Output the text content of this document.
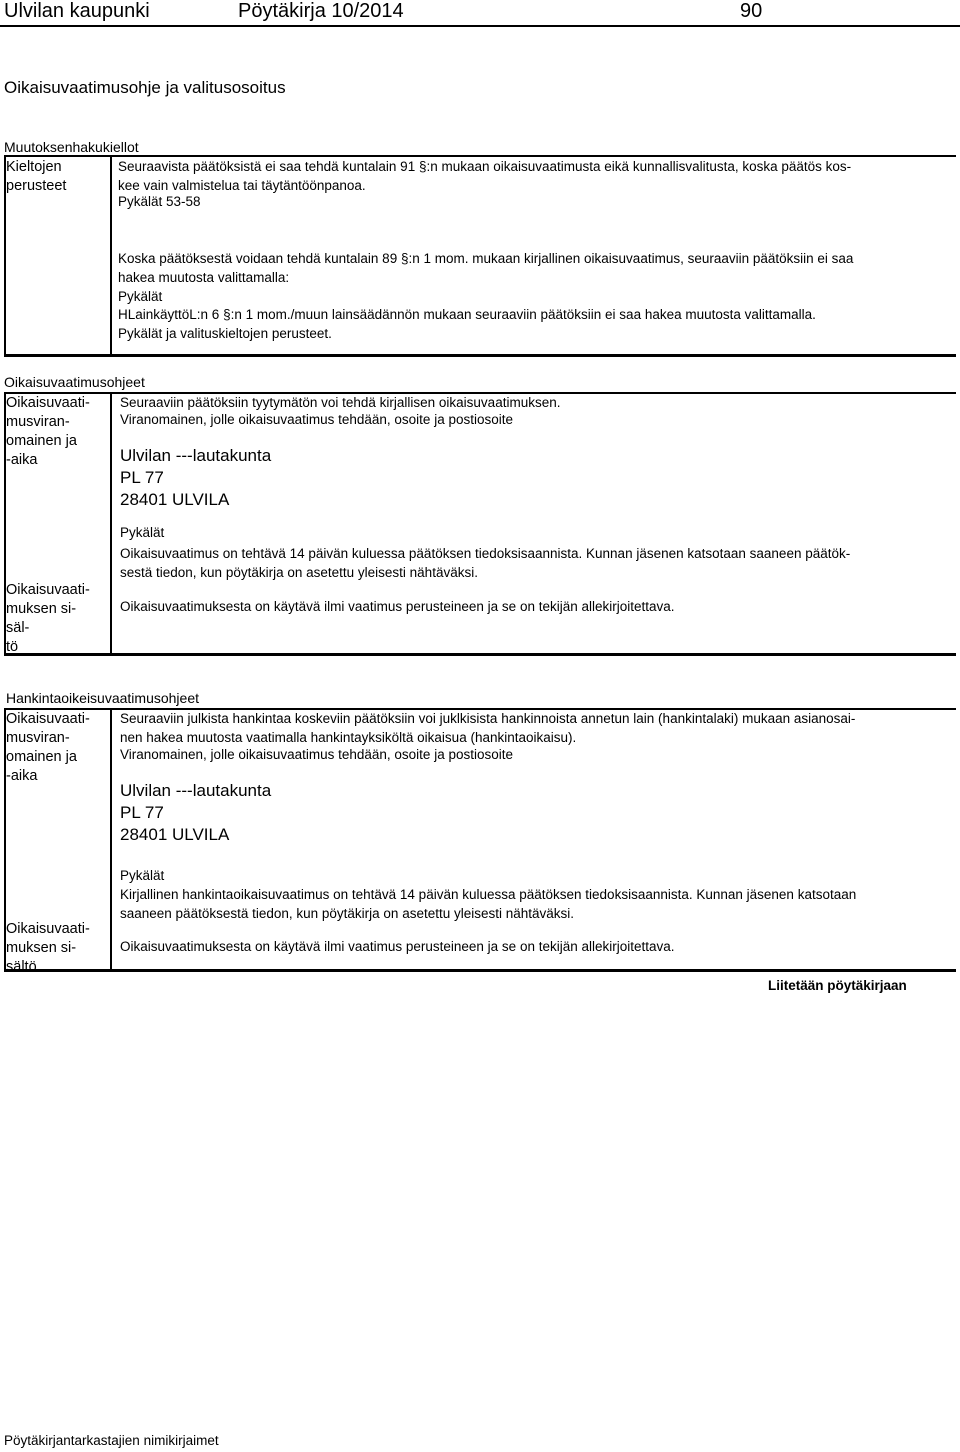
Ulvilan kaupunki	Pöytäkirja 10/2014	90
Oikaisuvaatimusohje ja valitusosoitus
Muutoksenhakukiellot
Kieltojen
perusteet
Seuraavista päätöksistä ei saa tehdä kuntalain 91 §:n mukaan oikaisuvaatimusta eikä kunnallisvalitusta, koska päätös kos-
kee vain valmistelua tai täytäntöönpanoa.
Pykälät 53-58
Koska päätöksestä voidaan tehdä kuntalain 89 §:n 1 mom. mukaan kirjallinen oikaisuvaatimus, seuraaviin päätöksiin ei saa
hakea muutosta valittamalla:
Pykälät
HLainkäyttöL:n 6 §:n 1 mom./muun lainsäädännön mukaan seuraaviin päätöksiin ei saa hakea muutosta valittamalla.
Pykälät ja valituskieltojen perusteet.
Oikaisuvaatimusohjeet
Oikaisuvaati-
musviran-
omainen ja
-aika
Seuraaviin päätöksiin tyytymätön voi tehdä kirjallisen oikaisuvaatimuksen.
Viranomainen, jolle oikaisuvaatimus tehdään, osoite ja postiosoite
Ulvilan ---lautakunta
PL 77
28401 ULVILA
Pykälät
Oikaisuvaatimus on tehtävä 14 päivän kuluessa päätöksen tiedoksisaannista. Kunnan jäsenen katsotaan saaneen päätök-
sestä tiedon, kun pöytäkirja on asetettu yleisesti nähtäväksi.
Oikaisuvaati-
muksen si-
säl-
tö
Oikaisuvaatimuksesta on käytävä ilmi vaatimus perusteineen ja se on tekijän allekirjoitettava.
Hankintaoikeisuvaatimusohjeet
Oikaisuvaati-
musviran-
omainen ja
-aika
Seuraaviin julkista hankintaa koskeviin päätöksiin voi juklkisista hankinnoista annetun lain (hankintalaki) mukaan asianosai-
nen hakea muutosta vaatimalla hankintayksiköltä oikaisua (hankintaoikaisu).
Viranomainen, jolle oikaisuvaatimus tehdään, osoite ja postiosoite
Ulvilan ---lautakunta
PL 77
28401 ULVILA
Pykälät
Kirjallinen hankintaoikaisuvaatimus on tehtävä 14 päivän kuluessa päätöksen tiedoksisaannista. Kunnan jäsenen katsotaan
saaneen päätöksestä tiedon, kun pöytäkirja on asetettu yleisesti nähtäväksi.
Oikaisuvaati-
muksen si-
sältö
Oikaisuvaatimuksesta on käytävä ilmi vaatimus perusteineen ja se on tekijän allekirjoitettava.
Liitetään pöytäkirjaan
Pöytäkirjantarkastajien nimikirjaimet
